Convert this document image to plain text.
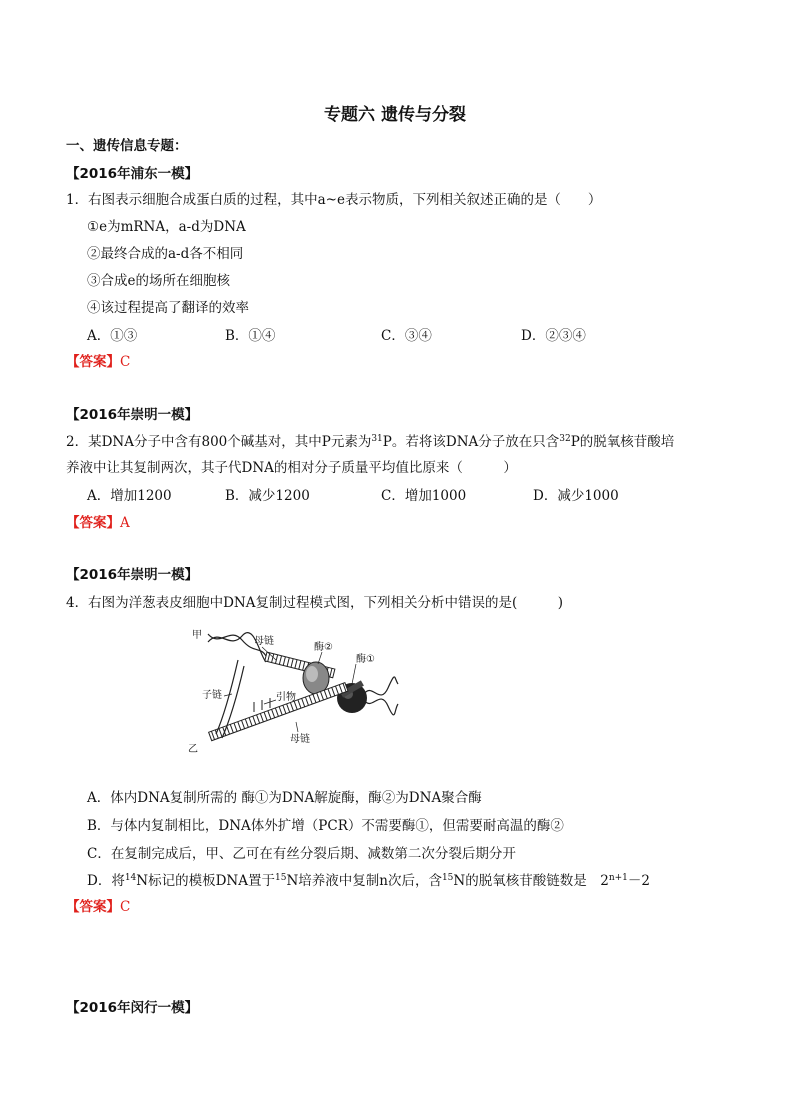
专题六 遗传与分裂
一、遗传信息专题：
【2016年浦东一模】
1．右图表示细胞合成蛋白质的过程，其中a~e表示物质，下列相关叙述正确的是（　　）
①e为mRNA，a-d为DNA
②最终合成的a-d各不相同
③合成e的场所在细胞核
④该过程提高了翻译的效率
A．①③	B．①④	C．③④	D．②③④
【答案】C
【2016年崇明一模】
2．某DNA分子中含有800个碱基对，其中P元素为$^{31}$P。若将该DNA分子放在只含$^{32}$P的脱氧核苷酸培
养液中让其复制两次，其子代DNA的相对分子质量平均值比原来（　　　）
A．增加1200	B．减少1200	C．增加1000	D．减少1000
【答案】A
【2016年崇明一模】
4．右图为洋葱表皮细胞中DNA复制过程模式图，下列相关分析中错误的是(　　　)
甲
母链
酶②
酶①
子链	引物
母链
乙
A．体内DNA复制所需的 酶①为DNA解旋酶，酶②为DNA聚合酶
B．与体内复制相比，DNA体外扩增（PCR）不需要酶①，但需要耐高温的酶②
C．在复制完成后，甲、乙可在有丝分裂后期、减数第二次分裂后期分开
D．将$^{14}$N标记的模板DNA置于$^{15}$N培养液中复制n次后，含$^{15}$N的脱氧核苷酸链数是　$2^{n+1}-2$
【答案】C
【2016年闵行一模】
